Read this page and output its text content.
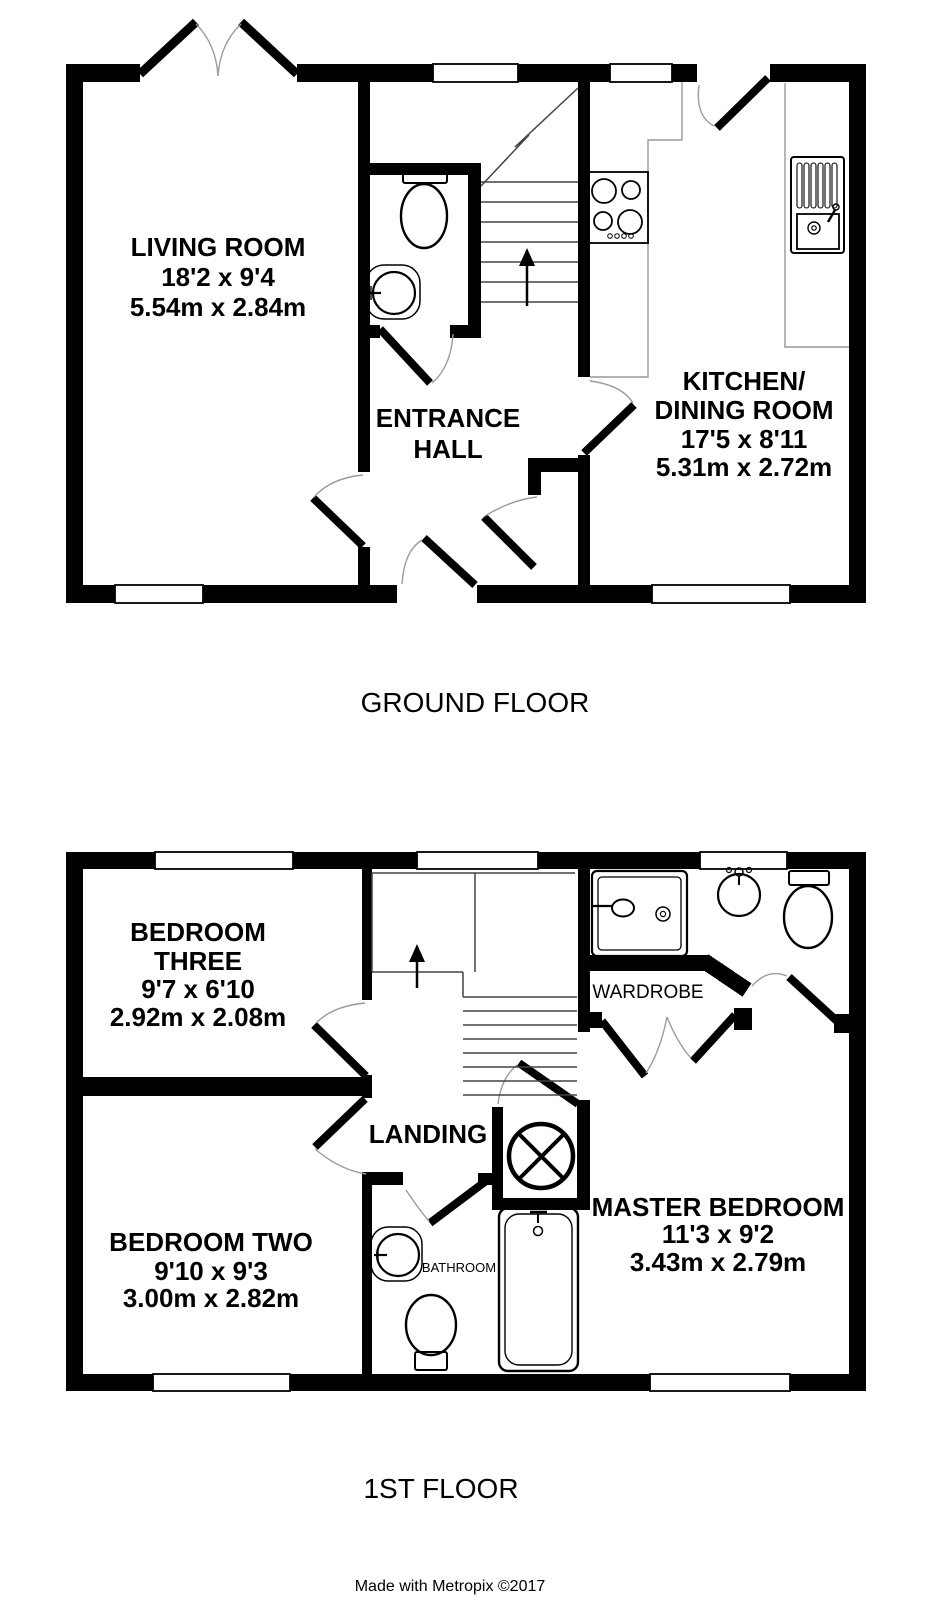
LIVING ROOM
18'2 x 9'4
5.54m x 2.84m
ENTRANCE
HALL
KITCHEN/
DINING ROOM
17'5 x 8'11
5.31m x 2.72m
GROUND FLOOR
BEDROOM
THREE
9'7 x 6'10
2.92m x 2.08m
WARDROBE
LANDING
BEDROOM TWO
9'10 x 9'3
3.00m x 2.82m
BATHROOM
MASTER BEDROOM
11'3 x 9'2
3.43m x 2.79m
1ST FLOOR
Made with Metropix ©2017
